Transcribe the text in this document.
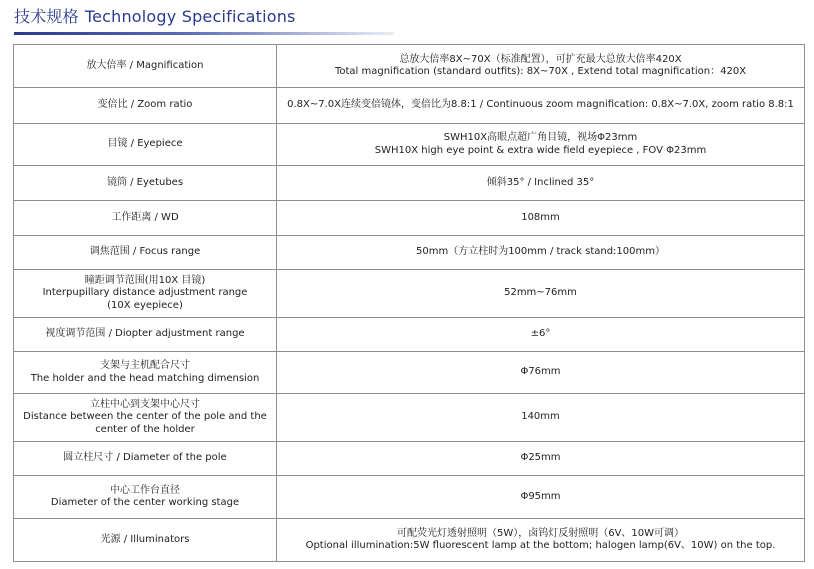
技术规格 Technology Specifications
放大倍率 / Magnification	总放大倍率8X~70X（标准配置），可扩充最大总放大倍率420X
Total magnification (standard outfits): 8X~70X , Extend total magnification：420X

变倍比 / Zoom ratio	0.8X~7.0X连续变倍镜体，变倍比为8.8:1 / Continuous zoom magnification: 0.8X~7.0X, zoom ratio 8.8:1

目镜 / Eyepiece	SWH10X高眼点超广角目镜，视场Φ23mm
SWH10X high eye point & extra wide field eyepiece , FOV Φ23mm

镜筒 / Eyetubes	倾斜35° / Inclined 35°

工作距离 / WD	108mm

调焦范围 / Focus range	50mm（方立柱时为100mm / track stand:100mm）

瞳距调节范围(用10X 目镜)
Interpupillary distance adjustment range
(10X eyepiece)	52mm~76mm

视度调节范围 / Diopter adjustment range	±6°

支架与主机配合尺寸
The holder and the head matching dimension	Φ76mm

立柱中心到支架中心尺寸
Distance between the center of the pole and the
center of the holder	140mm

圆立柱尺寸 / Diameter of the pole	Φ25mm

中心工作台直径
Diameter of the center working stage	Φ95mm

光源 / Illuminators	可配荧光灯透射照明（5W），卤钨灯反射照明（6V、10W可调）
Optional illumination:5W fluorescent lamp at the bottom; halogen lamp(6V、10W) on the top.
